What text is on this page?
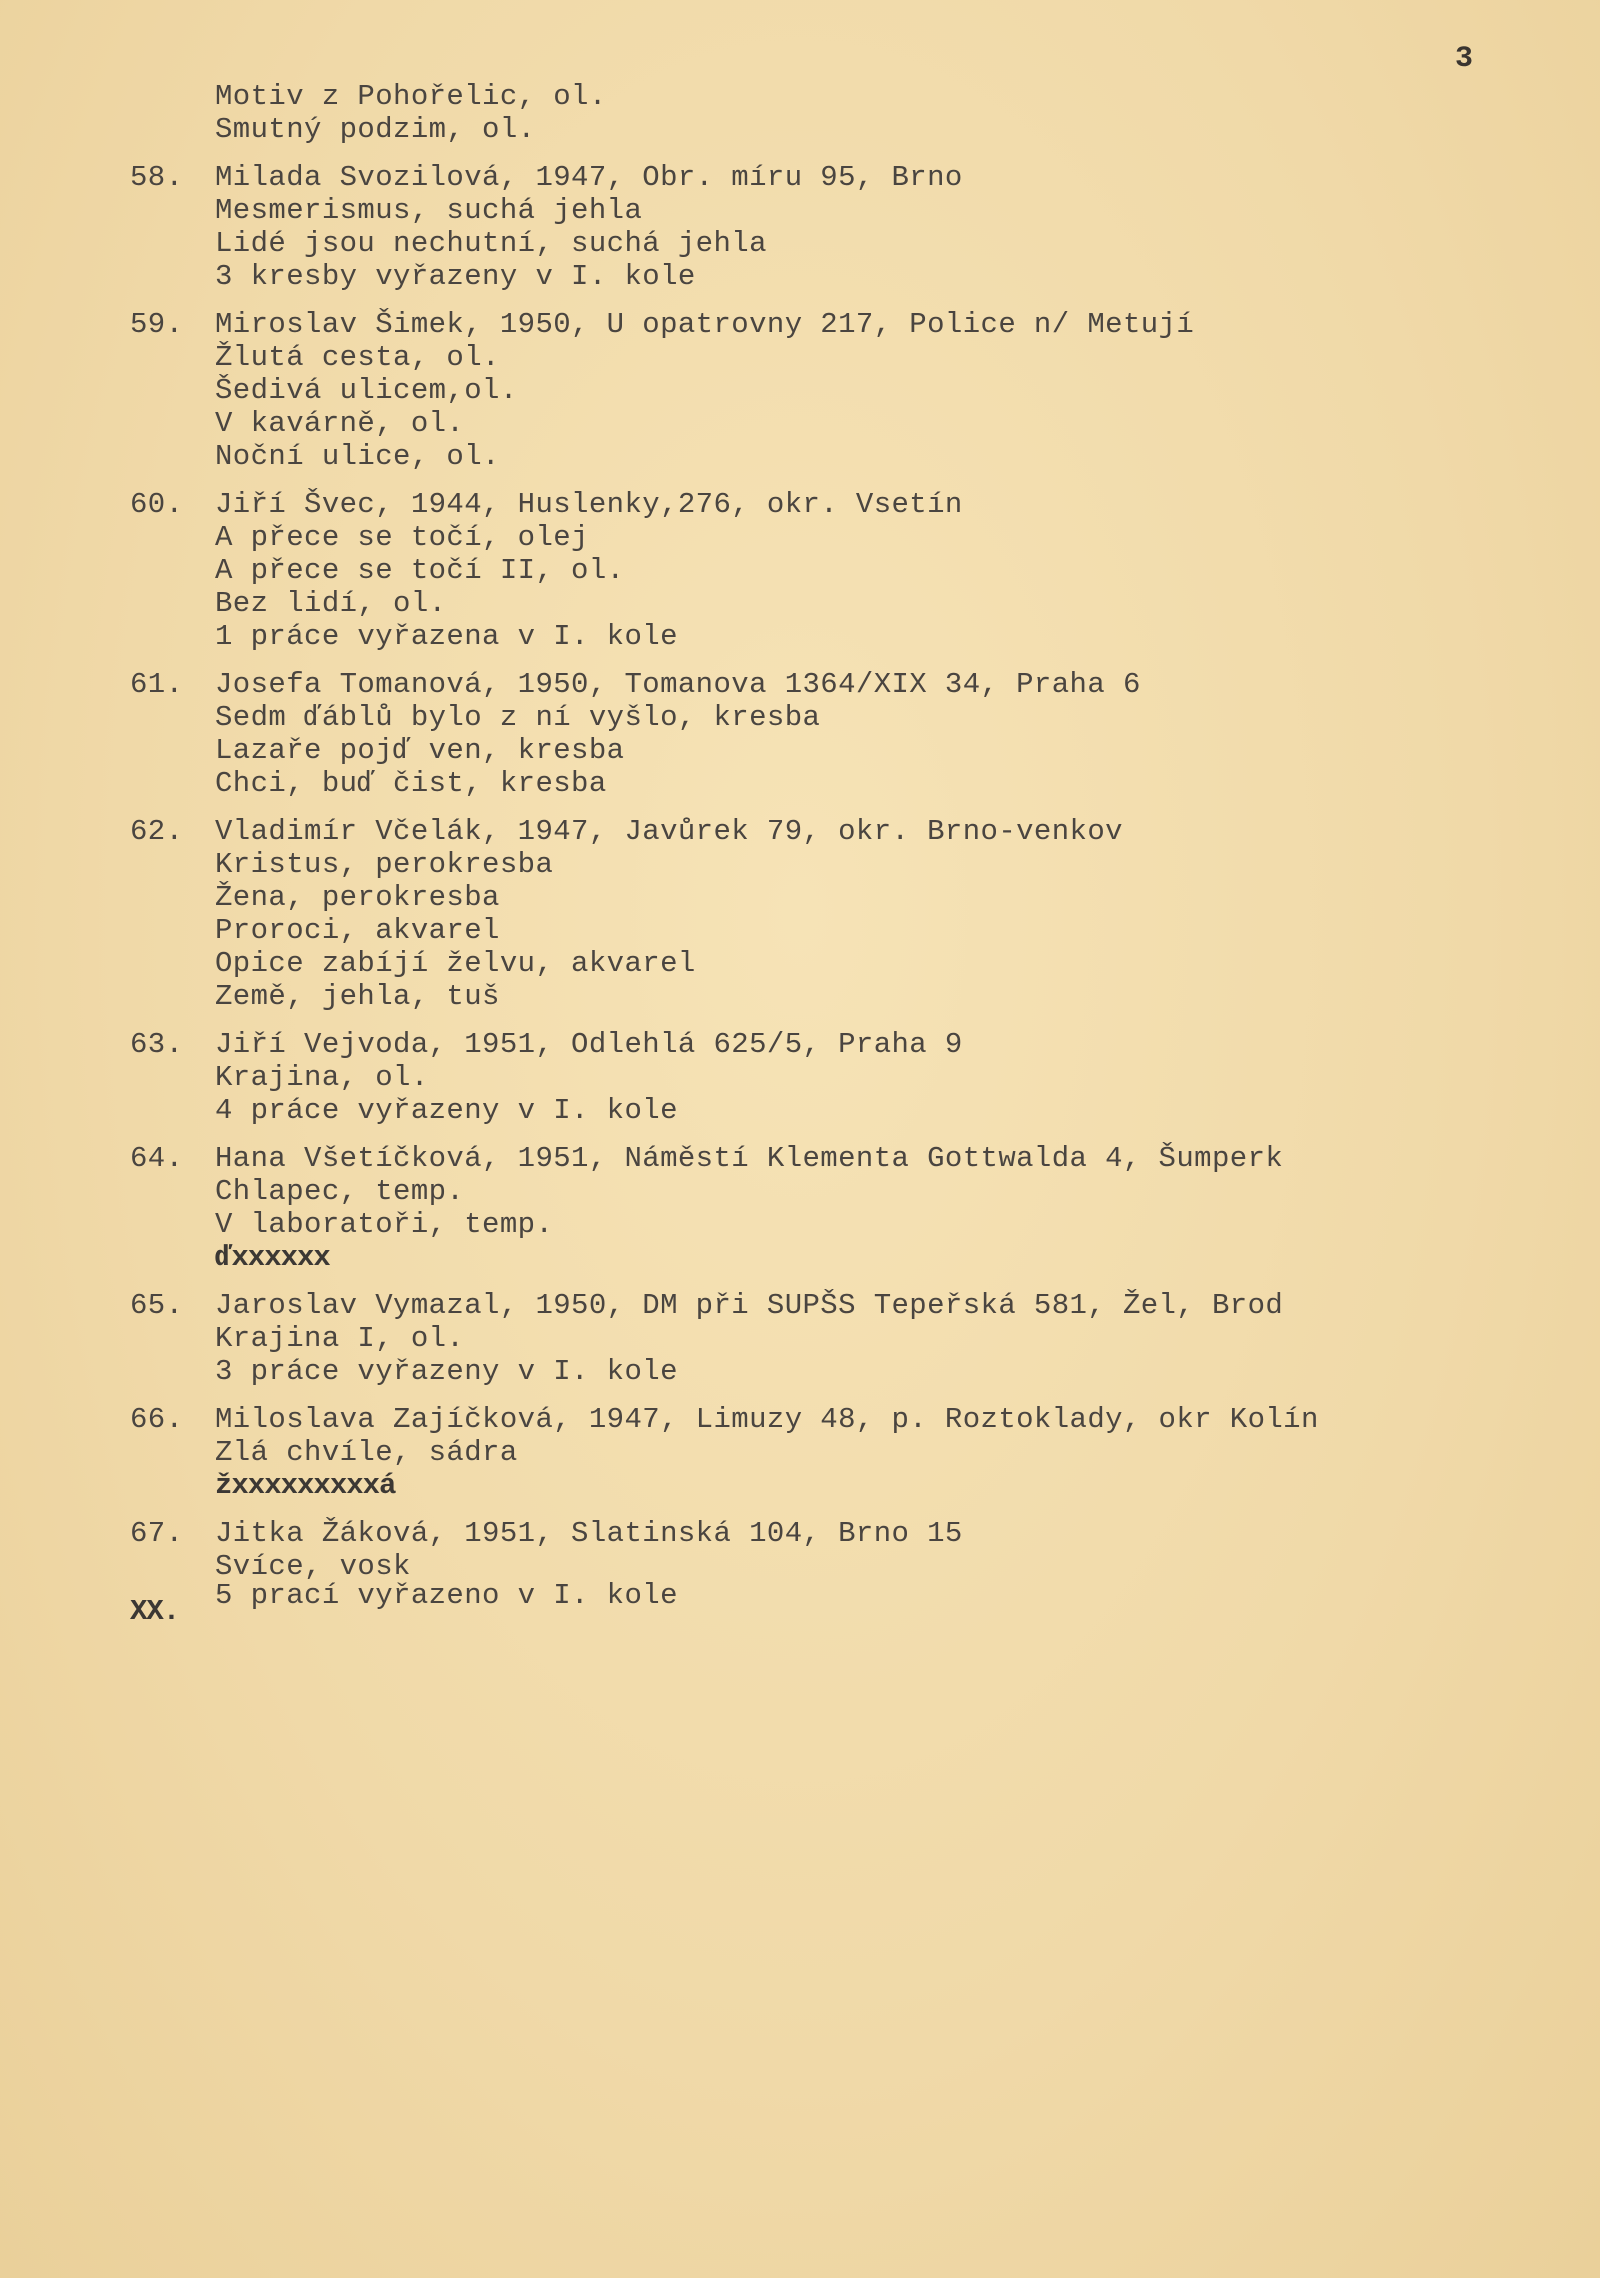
3
Motiv z Pohořelic, ol.
Smutný podzim, ol.
58.	Milada Svozilová, 1947, Obr. míru 95, Brno
Mesmerismus, suchá jehla
Lidé jsou nechutní, suchá jehla
3 kresby vyřazeny v I. kole
59.	Miroslav Šimek, 1950, U opatrovny 217, Police n/ Metují
Žlutá cesta, ol.
Šedivá ulicem,ol.
V kavárně, ol.
Noční ulice, ol.
60.	Jiří Švec, 1944, Huslenky,276, okr. Vsetín
A přece se točí, olej
A přece se točí II, ol.
Bez lidí, ol.
1 práce vyřazena v I. kole
61.	Josefa Tomanová, 1950, Tomanova 1364/XIX 34, Praha 6
Sedm ďáblů bylo z ní vyšlo, kresba
Lazaře pojď ven, kresba
Chci, buď čist, kresba
62.	Vladimír Včelák, 1947, Javůrek 79, okr. Brno-venkov
Kristus, perokresba
Žena, perokresba
Proroci, akvarel
Opice zabíjí želvu, akvarel
Země, jehla, tuš
63.	Jiří Vejvoda, 1951, Odlehlá 625/5, Praha 9
Krajina, ol.
4 práce vyřazeny v I. kole
64.	Hana Všetíčková, 1951, Náměstí Klementa Gottwalda 4, Šumperk
Chlapec, temp.
V laboratoři, temp.
ďxxxxxx
65.	Jaroslav Vymazal, 1950, DM při SUPŠS Tepeřská 581, Žel, Brod
Krajina I, ol.
3 práce vyřazeny v I. kole
66.	Miloslava Zajíčková, 1947, Limuzy 48, p. Roztoklady, okr Kolín
Zlá chvíle, sádra
žxxxxxxxxxá
67.	Jitka Žáková, 1951, Slatinská 104, Brno 15
Svíce, vosk
XX.	5 prací vyřazeno v I. kole
